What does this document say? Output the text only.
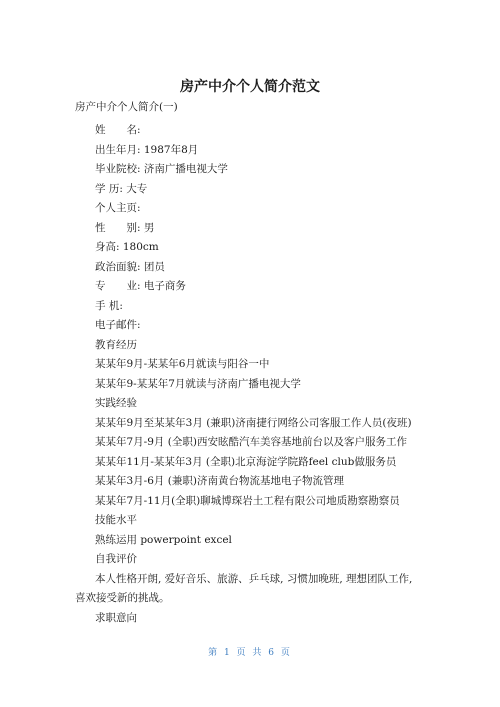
房产中介个人简介范文
房产中介个人简介(一)
姓　　名:
出生年月: 1987年8月
毕业院校: 济南广播电视大学
学 历: 大专
个人主页:
性　　别: 男
身高: 180cm
政治面貌: 团员
专　　业: 电子商务
手 机:
电子邮件:
教育经历
某某年9月-某某年6月就读与阳谷一中
某某年9-某某年7月就读与济南广播电视大学
实践经验
某某年9月至某某年3月 (兼职)济南捷行网络公司客服工作人员(夜班)
某某年7月-9月 (全职)西安眩酷汽车美容基地前台以及客户服务工作
某某年11月-某某年3月 (全职)北京海淀学院路feel club做服务员
某某年3月-6月 (兼职)济南黄台物流基地电子物流管理
某某年7月-11月(全职)聊城博琛岩土工程有限公司地质勘察勘察员
技能水平
熟练运用 powerpoint excel
自我评价
本人性格开朗, 爱好音乐、旅游、乒乓球, 习惯加晚班, 理想团队工作,
喜欢接受新的挑战。
求职意向
第 1 页 共 6 页
